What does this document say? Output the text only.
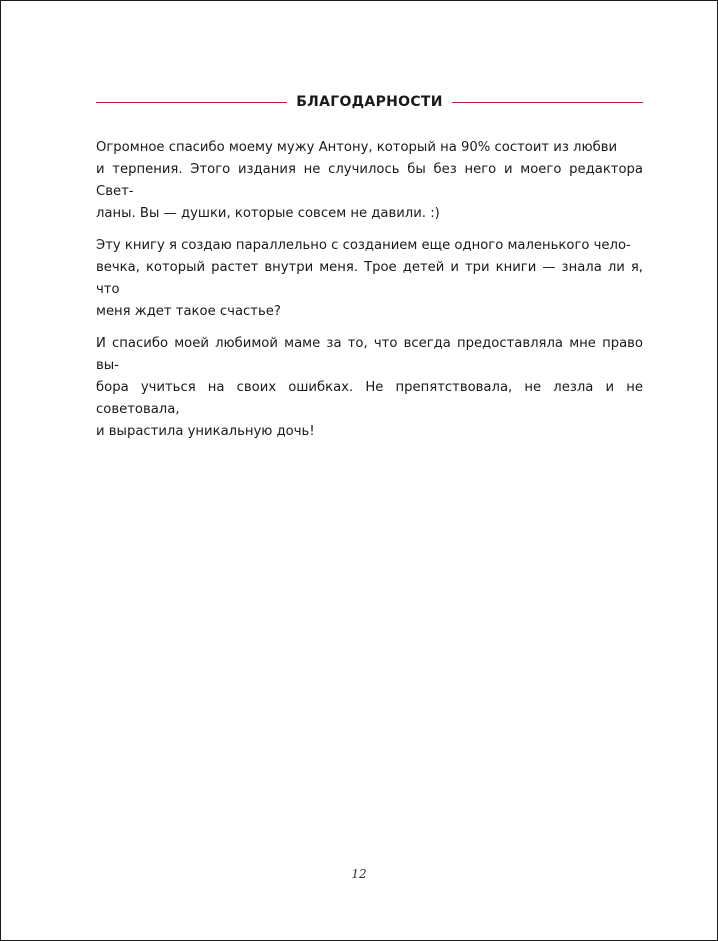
БЛАГОДАРНОСТИ

Огромное спасибо моему мужу Антону, который на 90% состоит из любви
и терпения. Этого издания не случилось бы без него и моего редактора Свет-
ланы. Вы — душки, которые совсем не давили. :)

Эту книгу я создаю параллельно с созданием еще одного маленького чело-
вечка, который растет внутри меня. Трое детей и три книги — знала ли я, что
меня ждет такое счастье?

И спасибо моей любимой маме за то, что всегда предоставляла мне право вы-
бора учиться на своих ошибках. Не препятствовала, не лезла и не советовала,
и вырастила уникальную дочь!

12
